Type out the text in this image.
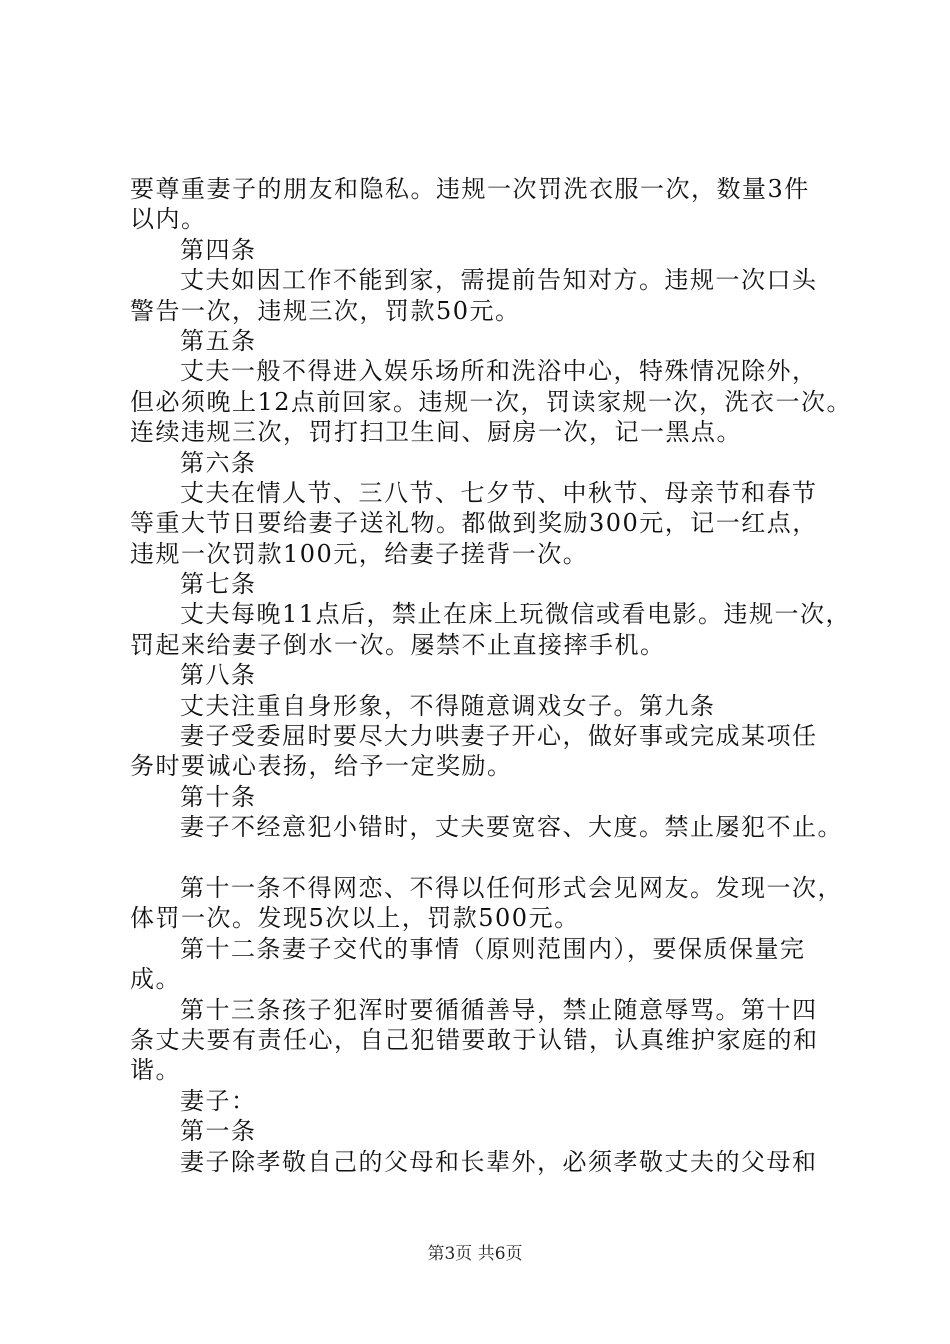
要尊重妻子的朋友和隐私。违规一次罚洗衣服一次，数量3件
以内。
第四条
丈夫如因工作不能到家，需提前告知对方。违规一次口头
警告一次，违规三次，罚款50元。
第五条
丈夫一般不得进入娱乐场所和洗浴中心，特殊情况除外，
但必须晚上12点前回家。违规一次，罚读家规一次，洗衣一次。
连续违规三次，罚打扫卫生间、厨房一次，记一黑点。
第六条
丈夫在情人节、三八节、七夕节、中秋节、母亲节和春节
等重大节日要给妻子送礼物。都做到奖励300元，记一红点，
违规一次罚款100元，给妻子搓背一次。
第七条
丈夫每晚11点后，禁止在床上玩微信或看电影。违规一次，
罚起来给妻子倒水一次。屡禁不止直接摔手机。
第八条
丈夫注重自身形象，不得随意调戏女子。第九条
妻子受委屈时要尽大力哄妻子开心，做好事或完成某项任
务时要诚心表扬，给予一定奖励。
第十条
妻子不经意犯小错时，丈夫要宽容、大度。禁止屡犯不止。
第十一条不得网恋、不得以任何形式会见网友。发现一次，
体罚一次。发现5次以上，罚款500元。
第十二条妻子交代的事情（原则范围内），要保质保量完
成。
第十三条孩子犯浑时要循循善导，禁止随意辱骂。第十四
条丈夫要有责任心，自己犯错要敢于认错，认真维护家庭的和
谐。
妻子：
第一条
妻子除孝敬自己的父母和长辈外，必须孝敬丈夫的父母和
第3页 共6页
